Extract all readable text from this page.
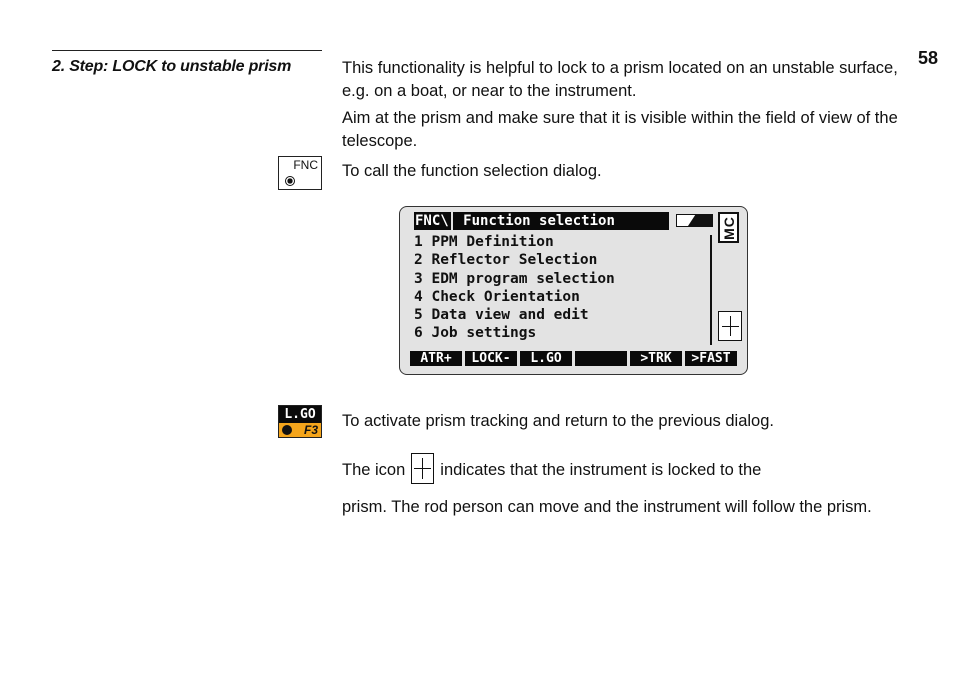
2. Step: LOCK to unstable prism	58

This functionality is helpful to lock to a prism located on an unstable surface, e.g. on a boat, or near to the instrument.

Aim at the prism and make sure that it is visible within the field of view of the telescope.

FNC To call the function selection dialog.

FNC\ Function selection	MC
1 PPM Definition
2 Reflector Selection
3 EDM program selection
4 Check Orientation
5 Data view and edit
6 Job settings
ATR+	LOCK-	L.GO	>TRK	>FAST
L.GO
F3 To activate prism tracking and return to the previous dialog.

The icon indicates that the instrument is locked to the

prism. The rod person can move and the instrument will follow the prism.
